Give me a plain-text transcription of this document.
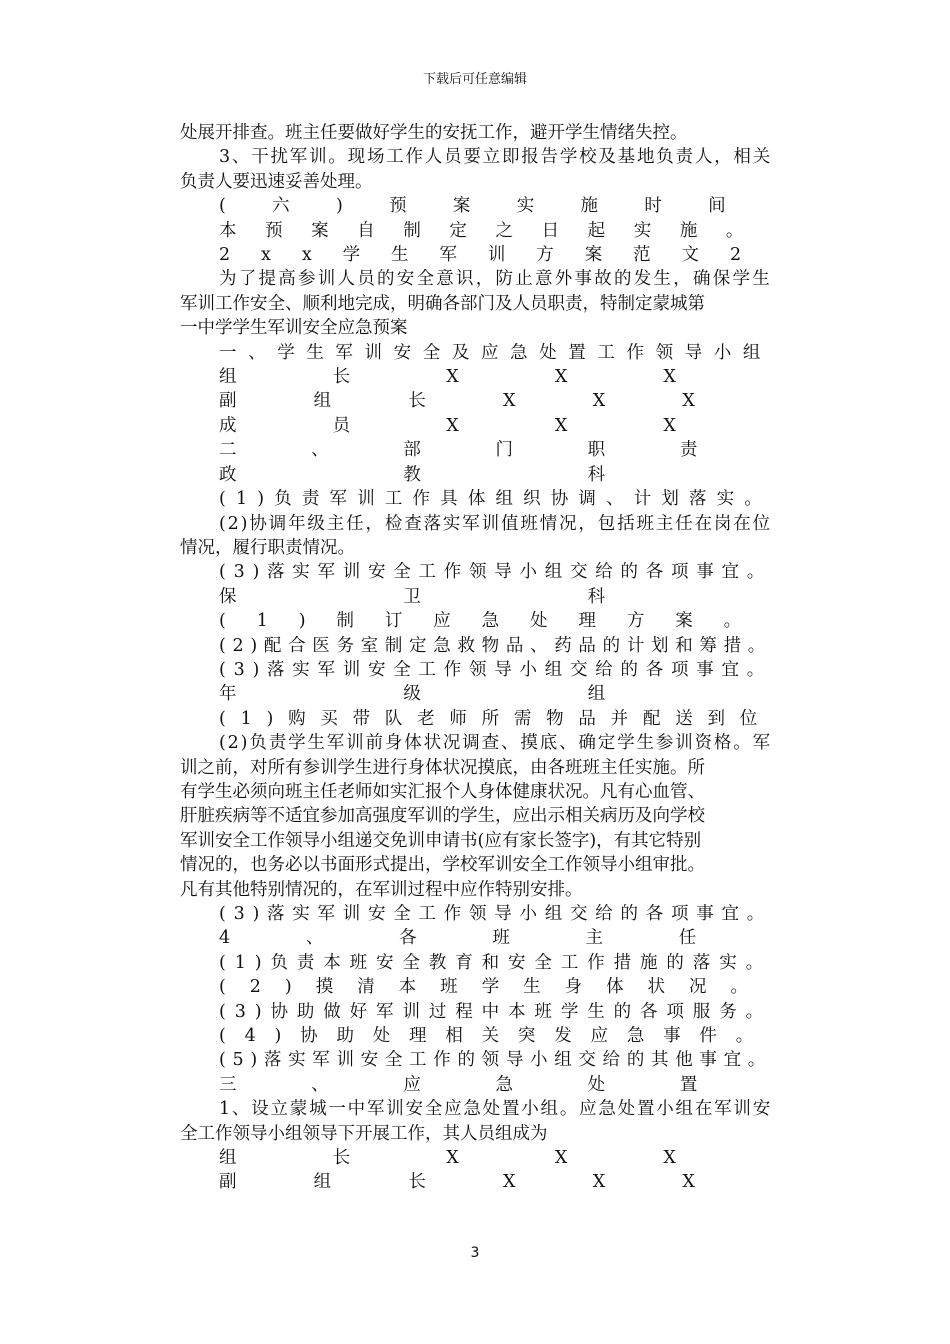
下载后可任意编辑

处展开排查。班主任要做好学生的安抚工作，避开学生情绪失控。

3、干扰军训。现场工作人员要立即报告学校及基地负责人，相关

负责人要迅速妥善处理。

(六)预案实施时间

本预案自制定之日起实施。

2xx学生军训方案范文2

为了提高参训人员的安全意识，防止意外事故的发生，确保学生

军训工作安全、顺利地完成，明确各部门及人员职责，特制定蒙城第

一中学学生军训安全应急预案

一、学生军训安全及应急处置工作领导小组

组长XXX

副组长XXX

成员XXX

二、部门职责

政教科

(1)负责军训工作具体组织协调、计划落实。

(2)协调年级主任，检查落实军训值班情况，包括班主任在岗在位

情况，履行职责情况。

(3)落实军训安全工作领导小组交给的各项事宜。

保卫科

(1)制订应急处理方案。

(2)配合医务室制定急救物品、药品的计划和筹措。

(3)落实军训安全工作领导小组交给的各项事宜。

年级组

(1)购买带队老师所需物品并配送到位

(2)负责学生军训前身体状况调查、摸底、确定学生参训资格。军

训之前，对所有参训学生进行身体状况摸底，由各班班主任实施。所

有学生必须向班主任老师如实汇报个人身体健康状况。凡有心血管、

肝脏疾病等不适宜参加高强度军训的学生，应出示相关病历及向学校

军训安全工作领导小组递交免训申请书(应有家长签字)，有其它特别

情况的，也务必以书面形式提出，学校军训安全工作领导小组审批。

凡有其他特别情况的，在军训过程中应作特别安排。

(3)落实军训安全工作领导小组交给的各项事宜。

4、各班主任

(1)负责本班安全教育和安全工作措施的落实。

(2)摸清本班学生身体状况。

(3)协助做好军训过程中本班学生的各项服务。

(4)协助处理相关突发应急事件。

(5)落实军训安全工作的领导小组交给的其他事宜。

三、应急处置

1、设立蒙城一中军训安全应急处置小组。应急处置小组在军训安

全工作领导小组领导下开展工作，其人员组成为

组长XXX

副组长XXX

3
